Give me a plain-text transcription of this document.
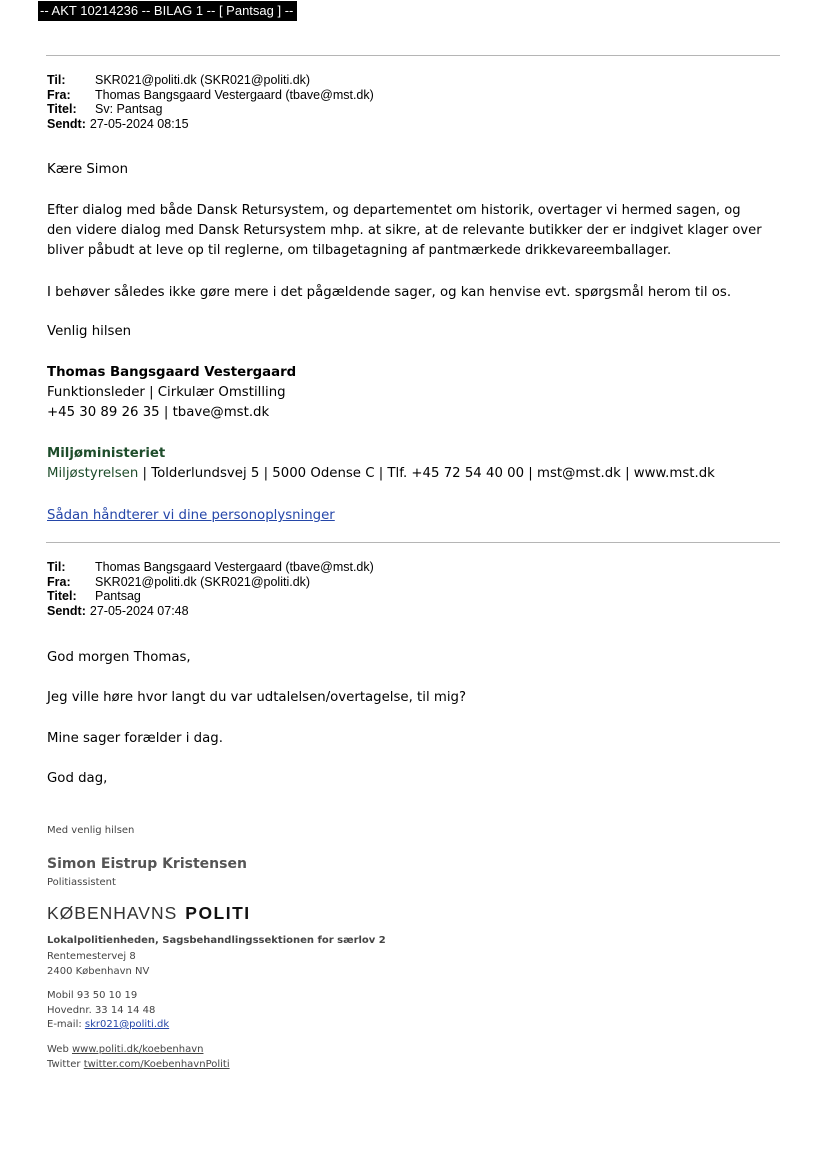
-- AKT 10214236 -- BILAG 1 -- [ Pantsag ] --
Til:	SKR021@politi.dk (SKR021@politi.dk)
Fra:	Thomas Bangsgaard Vestergaard (tbave@mst.dk)
Titel:	Sv: Pantsag
Sendt: 27-05-2024 08:15

Kære Simon

Efter dialog med både Dansk Retursystem, og departementet om historik, overtager vi hermed sagen, og

den videre dialog med Dansk Retursystem mhp. at sikre, at de relevante butikker der er indgivet klager over

bliver påbudt at leve op til reglerne, om tilbagetagning af pantmærkede drikkevareemballager.

I behøver således ikke gøre mere i det pågældende sager, og kan henvise evt. spørgsmål herom til os.

Venlig hilsen

Thomas Bangsgaard Vestergaard

Funktionsleder | Cirkulær Omstilling

+45 30 89 26 35 | tbave@mst.dk

Miljøministeriet

Miljøstyrelsen | Tolderlundsvej 5 | 5000 Odense C | Tlf. +45 72 54 40 00 | mst@mst.dk | www.mst.dk

Sådan håndterer vi dine personoplysninger

Til:	Thomas Bangsgaard Vestergaard (tbave@mst.dk)
Fra:	SKR021@politi.dk (SKR021@politi.dk)
Titel:	Pantsag
Sendt: 27-05-2024 07:48

God morgen Thomas,

Jeg ville høre hvor langt du var udtalelsen/overtagelse, til mig?

Mine sager forælder i dag.

God dag,

Med venlig hilsen
Simon Eistrup Kristensen
Politiassistent
KØBENHAVNS POLITI
Lokalpolitienheden, Sagsbehandlingssektionen for særlov 2
Rentemestervej 8
2400 København NV
Mobil 93 50 10 19
Hovednr. 33 14 14 48
E-mail: skr021@politi.dk
Web www.politi.dk/koebenhavn
Twitter twitter.com/KoebenhavnPoliti
